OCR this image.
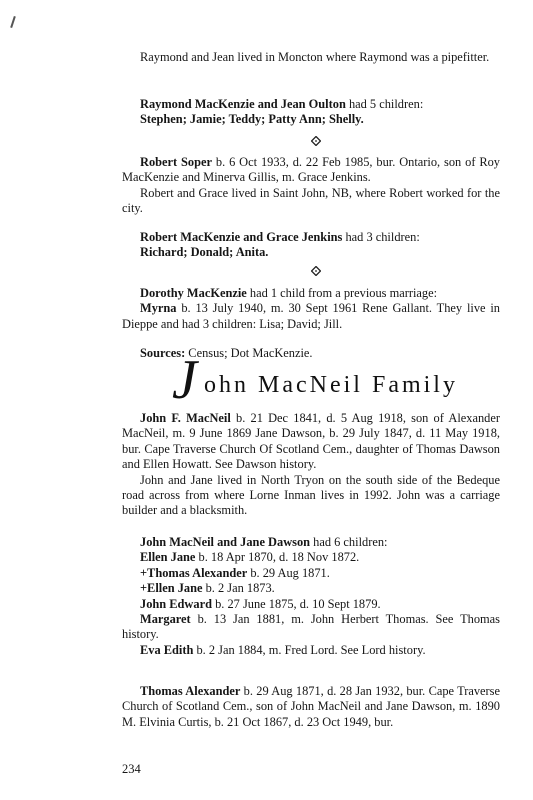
Raymond and Jean lived in Moncton where Raymond was a pipefitter.

Raymond MacKenzie and Jean Oulton had 5 children:

Stephen; Jamie; Teddy; Patty Ann; Shelly.

Robert Soper b. 6 Oct 1933, d. 22 Feb 1985, bur. Ontario, son of Roy MacKenzie and Minerva Gillis, m. Grace Jenkins.

Robert and Grace lived in Saint John, NB, where Robert worked for the city.

Robert MacKenzie and Grace Jenkins had 3 children:

Richard; Donald; Anita.

Dorothy MacKenzie had 1 child from a previous marriage:

Myrna b. 13 July 1940, m. 30 Sept 1961 Rene Gallant. They live in Dieppe and had 3 children: Lisa; David; Jill.

Sources: Census; Dot MacKenzie.

J ohn MacNeil Family

John F. MacNeil b. 21 Dec 1841, d. 5 Aug 1918, son of Alexander MacNeil, m. 9 June 1869 Jane Dawson, b. 29 July 1847, d. 11 May 1918, bur. Cape Traverse Church Of Scotland Cem., daughter of Thomas Dawson and Ellen Howatt. See Dawson history.

John and Jane lived in North Tryon on the south side of the Bedeque road across from where Lorne Inman lives in 1992. John was a carriage builder and a blacksmith.

John MacNeil and Jane Dawson had 6 children:

Ellen Jane b. 18 Apr 1870, d. 18 Nov 1872.

+Thomas Alexander b. 29 Aug 1871.

+Ellen Jane b. 2 Jan 1873.

John Edward b. 27 June 1875, d. 10 Sept 1879.

Margaret b. 13 Jan 1881, m. John Herbert Thomas. See Thomas history.

Eva Edith b. 2 Jan 1884, m. Fred Lord. See Lord history.

Thomas Alexander b. 29 Aug 1871, d. 28 Jan 1932, bur. Cape Traverse Church of Scotland Cem., son of John MacNeil and Jane Dawson, m. 1890 M. Elvinia Curtis, b. 21 Oct 1867, d. 23 Oct 1949, bur.

234
